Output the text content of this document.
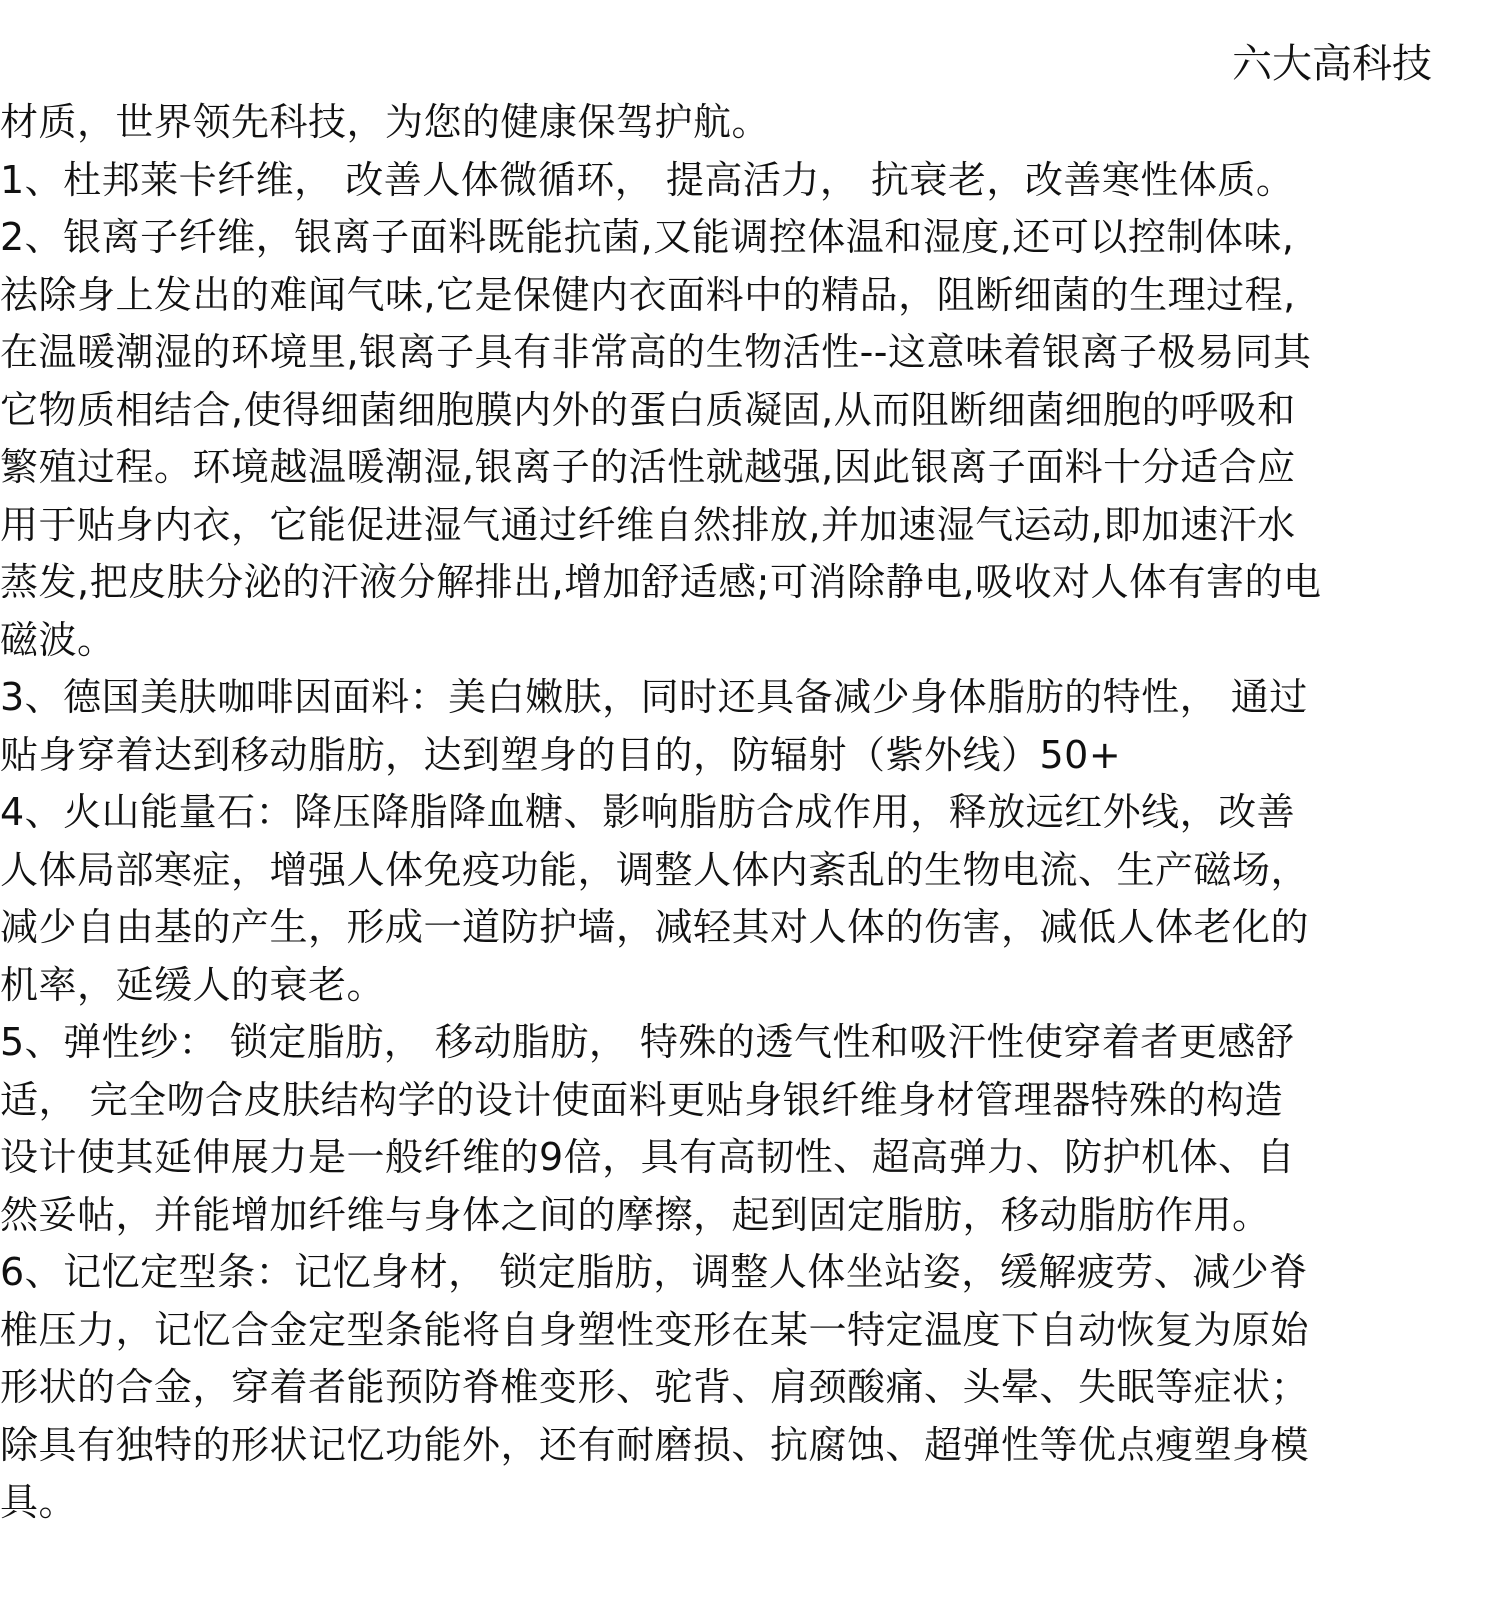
六大高科技
材质，世界领先科技，为您的健康保驾护航。
1、杜邦莱卡纤维， 改善人体微循环， 提高活力， 抗衰老，改善寒性体质。
2、银离子纤维，银离子面料既能抗菌,又能调控体温和湿度,还可以控制体味,
祛除身上发出的难闻气味,它是保健内衣面料中的精品，阻断细菌的生理过程,
在温暖潮湿的环境里,银离子具有非常高的生物活性--这意味着银离子极易同其
它物质相结合,使得细菌细胞膜内外的蛋白质凝固,从而阻断细菌细胞的呼吸和
繁殖过程。环境越温暖潮湿,银离子的活性就越强,因此银离子面料十分适合应
用于贴身内衣，它能促进湿气通过纤维自然排放,并加速湿气运动,即加速汗水
蒸发,把皮肤分泌的汗液分解排出,增加舒适感;可消除静电,吸收对人体有害的电
磁波。
3、德国美肤咖啡因面料：美白嫩肤，同时还具备减少身体脂肪的特性， 通过
贴身穿着达到移动脂肪，达到塑身的目的，防辐射（紫外线）50+
4、火山能量石：降压降脂降血糖、影响脂肪合成作用，释放远红外线，改善
人体局部寒症，增强人体免疫功能，调整人体内紊乱的生物电流、生产磁场，
减少自由基的产生，形成一道防护墙，减轻其对人体的伤害，减低人体老化的
机率，延缓人的衰老。
5、弹性纱： 锁定脂肪， 移动脂肪， 特殊的透气性和吸汗性使穿着者更感舒
适， 完全吻合皮肤结构学的设计使面料更贴身银纤维身材管理器特殊的构造
设计使其延伸展力是一般纤维的9倍，具有高韧性、超高弹力、防护机体、自
然妥帖，并能增加纤维与身体之间的摩擦，起到固定脂肪，移动脂肪作用。
6、记忆定型条：记忆身材， 锁定脂肪，调整人体坐站姿，缓解疲劳、减少脊
椎压力，记忆合金定型条能将自身塑性变形在某一特定温度下自动恢复为原始
形状的合金，穿着者能预防脊椎变形、驼背、肩颈酸痛、头晕、失眠等症状；
除具有独特的形状记忆功能外，还有耐磨损、抗腐蚀、超弹性等优点瘦塑身模
具。
